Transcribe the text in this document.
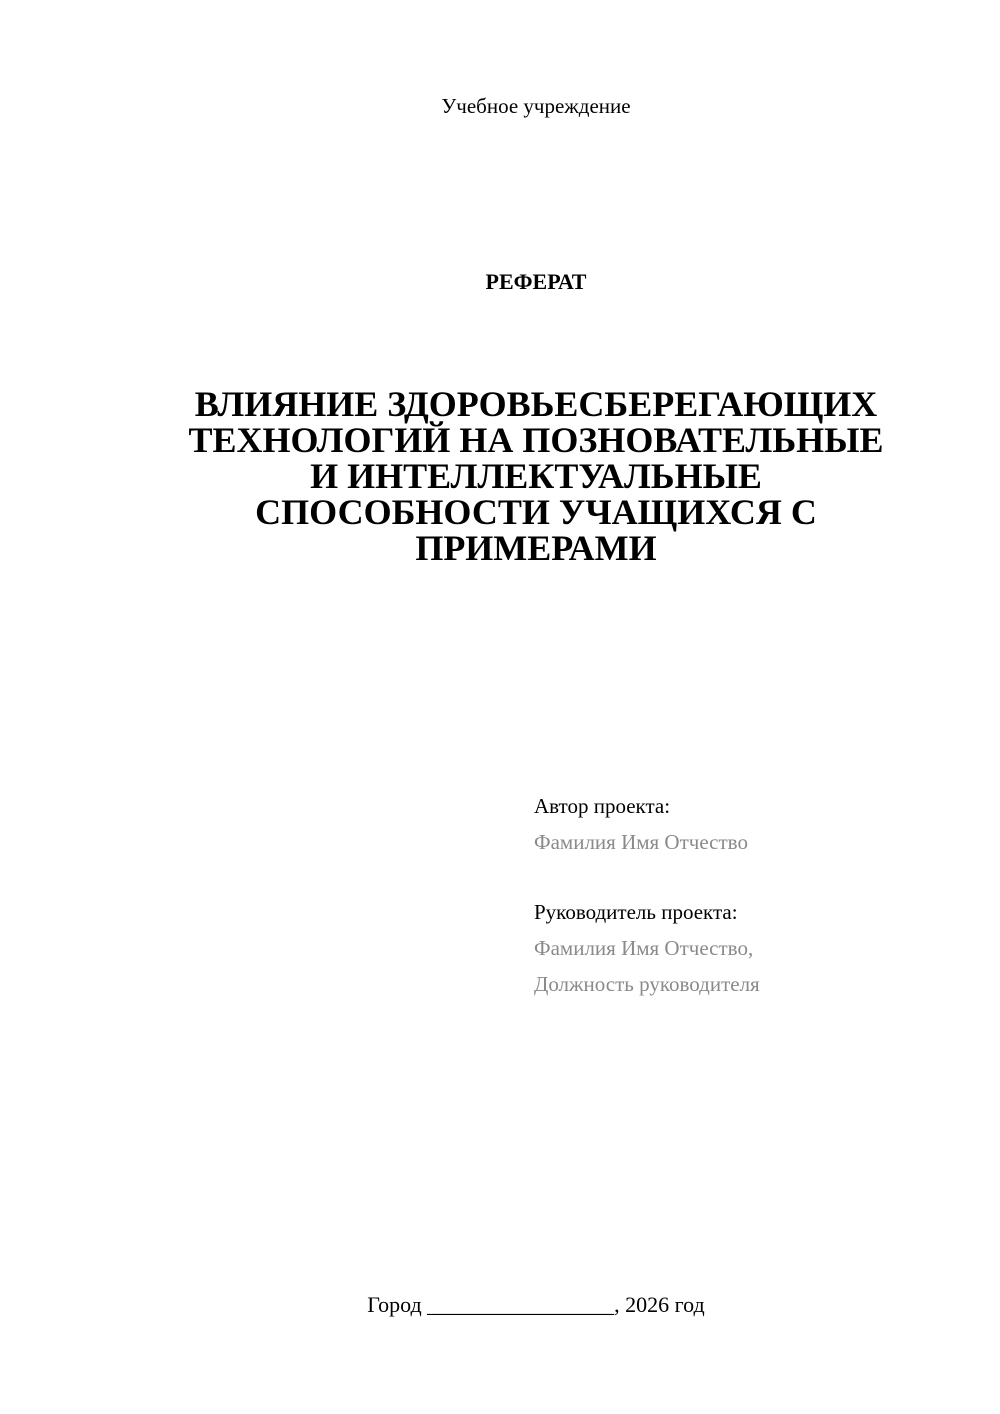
Учебное учреждение
РЕФЕРАТ
ВЛИЯНИЕ ЗДОРОВЬЕСБЕРЕГАЮЩИХ
ТЕХНОЛОГИЙ НА ПОЗНОВАТЕЛЬНЫЕ
И ИНТЕЛЛЕКТУАЛЬНЫЕ
СПОСОБНОСТИ УЧАЩИХСЯ С
ПРИМЕРАМИ
Автор проекта:
Фамилия Имя Отчество
Руководитель проекта:
Фамилия Имя Отчество,
Должность руководителя
Город _________________, 2026 год
